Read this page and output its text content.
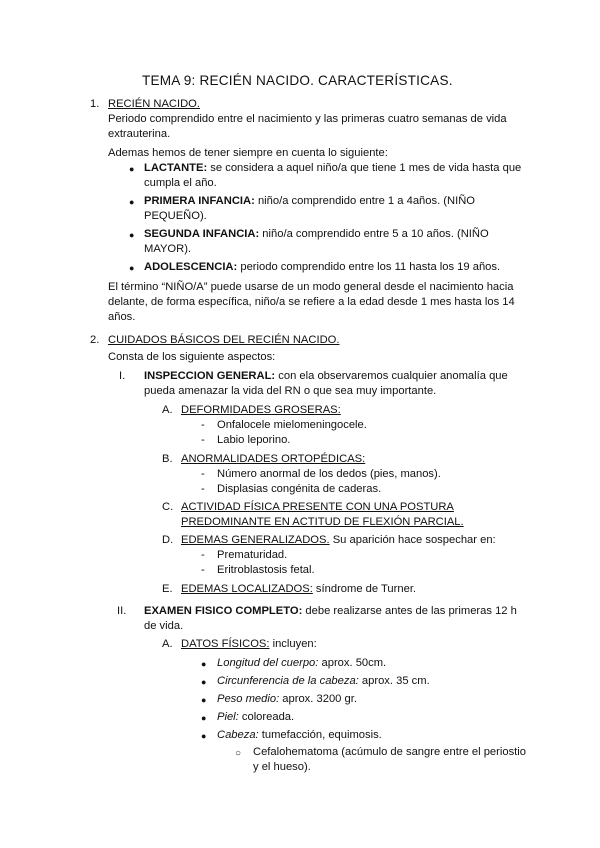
TEMA 9: RECIÉN NACIDO. CARACTERÍSTICAS.
1. RECIÉN NACIDO.
Periodo comprendido entre el nacimiento y las primeras cuatro semanas de vida
extrauterina.
Ademas hemos de tener siempre en cuenta lo siguiente:
● LACTANTE: se considera a aquel niño/a que tiene 1 mes de vida hasta que
cumpla el año.
● PRIMERA INFANCIA: niño/a comprendido entre 1 a 4años. (NIÑO
PEQUEÑO).
● SEGUNDA INFANCIA: niño/a comprendido entre 5 a 10 años. (NIÑO
MAYOR).
● ADOLESCENCIA: periodo comprendido entre los 11 hasta los 19 años.
El término “NIÑO/A” puede usarse de un modo general desde el nacimiento hacia
delante, de forma específica, niño/a se refiere a la edad desde 1 mes hasta los 14
años.
2. CUIDADOS BÁSICOS DEL RECIÉN NACIDO.
Consta de los siguiente aspectos:
I. INSPECCION GENERAL: con ela observaremos cualquier anomalía que
pueda amenazar la vida del RN o que sea muy importante.
A. DEFORMIDADES GROSERAS:
- Onfalocele mielomeningocele.
- Labio leporino.
B. ANORMALIDADES ORTOPÉDICAS:
- Número anormal de los dedos (pies, manos).
- Displasias congénita de caderas.
C. ACTIVIDAD FÍSICA PRESENTE CON UNA POSTURA
PREDOMINANTE EN ACTITUD DE FLEXIÓN PARCIAL.
D. EDEMAS GENERALIZADOS. Su aparición hace sospechar en:
- Prematuridad.
- Eritroblastosis fetal.
E. EDEMAS LOCALIZADOS: síndrome de Turner.
II. EXAMEN FISICO COMPLETO: debe realizarse antes de las primeras 12 h
de vida.
A. DATOS FÍSICOS: incluyen:
● Longitud del cuerpo: aprox. 50cm.
● Circunferencia de la cabeza: aprox. 35 cm.
● Peso medio: aprox. 3200 gr.
● Piel: coloreada.
● Cabeza: tumefacción, equimosis.
○ Cefalohematoma (acúmulo de sangre entre el periostio
y el hueso).
